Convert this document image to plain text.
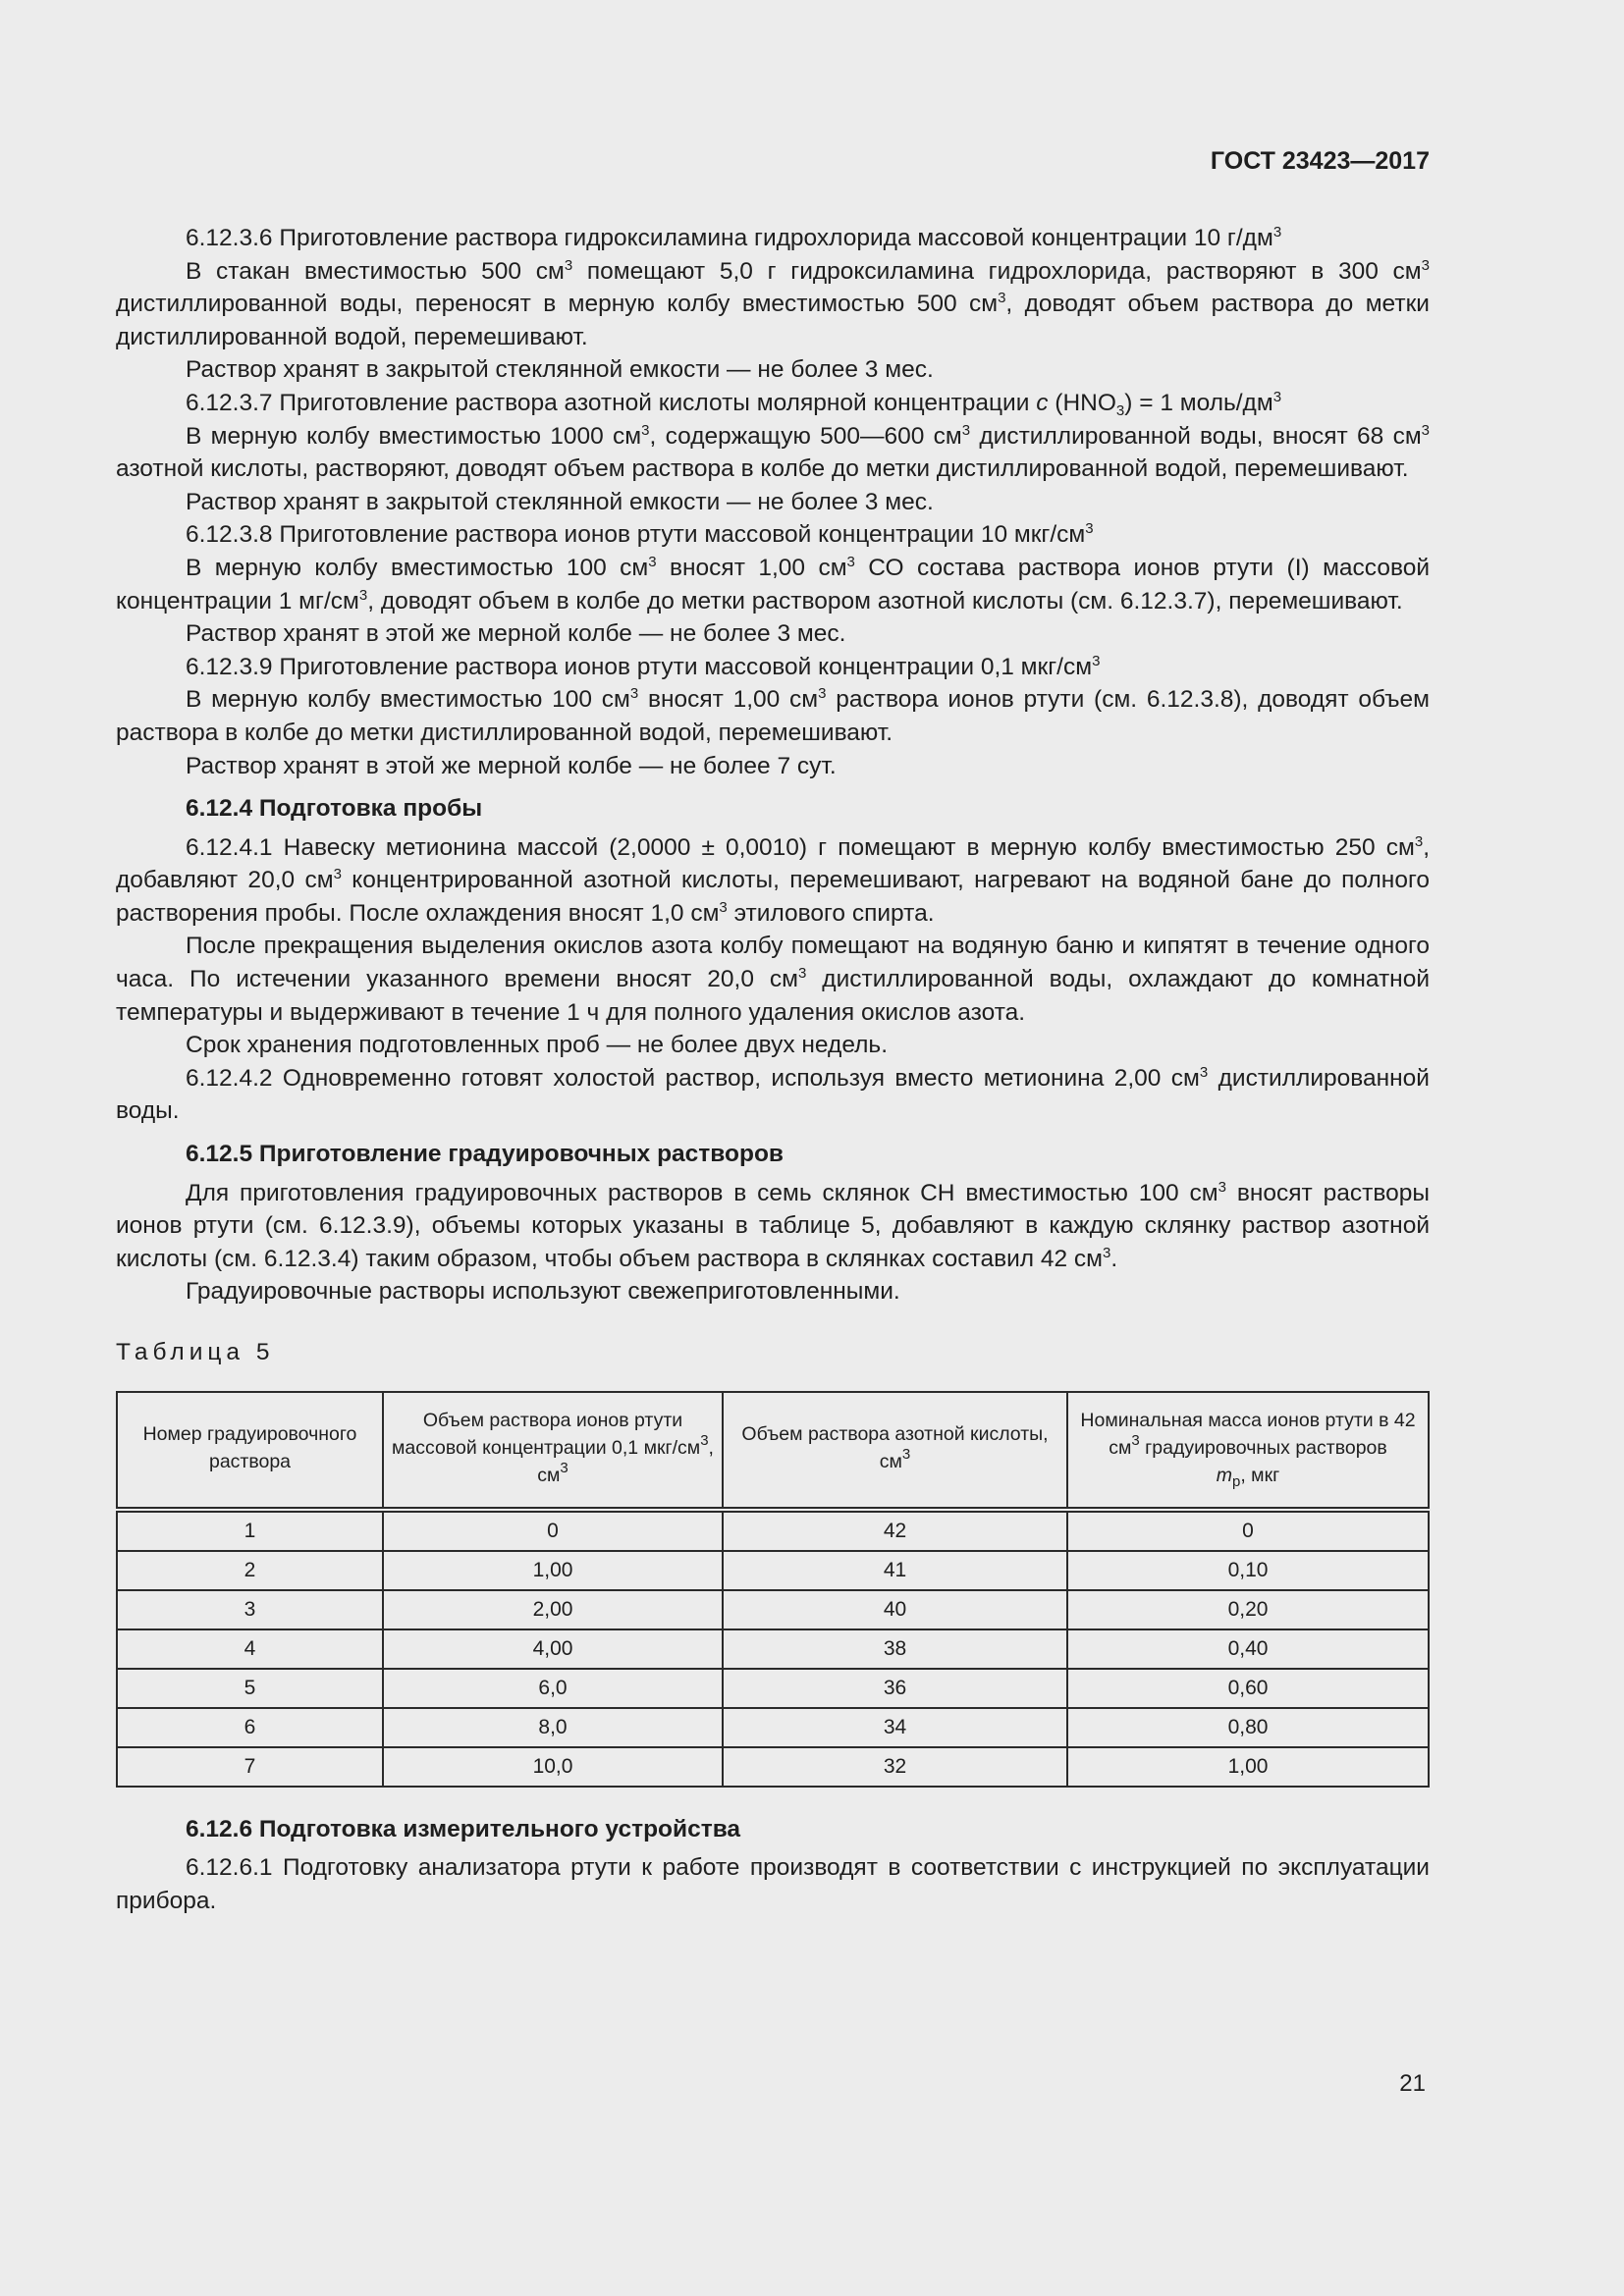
ГОСТ 23423—2017

6.12.3.6 Приготовление раствора гидроксиламина гидрохлорида массовой концентрации 10 $г/дм^3$

В стакан вместимостью 500 $см^3$ помещают 5,0 г гидроксиламина гидрохлорида, растворяют в 300 $см^3$ дистиллированной воды, переносят в мерную колбу вместимостью 500 $см^3$, доводят объем раствора до метки дистиллированной водой, перемешивают.

Раствор хранят в закрытой стеклянной емкости — не более 3 мес.

6.12.3.7 Приготовление раствора азотной кислоты молярной концентрации c $(HNO_3) = 1$ моль/$дм^3$

В мерную колбу вместимостью 1000 $см^3$, содержащую 500—600 $см^3$ дистиллированной воды, вносят 68 $см^3$ азотной кислоты, растворяют, доводят объем раствора в колбе до метки дистиллированной водой, перемешивают.

Раствор хранят в закрытой стеклянной емкости — не более 3 мес.

6.12.3.8 Приготовление раствора ионов ртути массовой концентрации 10 мкг/$см^3$

В мерную колбу вместимостью 100 $см^3$ вносят 1,00 $см^3$ СО состава раствора ионов ртути (I) массовой концентрации 1 $мг/см^3$, доводят объем в колбе до метки раствором азотной кислоты (см. 6.12.3.7), перемешивают.

Раствор хранят в этой же мерной колбе — не более 3 мес.

6.12.3.9 Приготовление раствора ионов ртути массовой концентрации 0,1 мкг/$см^3$

В мерную колбу вместимостью 100 $см^3$ вносят 1,00 $см^3$ раствора ионов ртути (см. 6.12.3.8), доводят объем раствора в колбе до метки дистиллированной водой, перемешивают.

Раствор хранят в этой же мерной колбе — не более 7 сут.

6.12.4 Подготовка пробы

6.12.4.1 Навеску метионина массой (2,0000 ± 0,0010) г помещают в мерную колбу вместимостью 250 $см^3$, добавляют 20,0 $см^3$ концентрированной азотной кислоты, перемешивают, нагревают на водяной бане до полного растворения пробы. После охлаждения вносят 1,0 $см^3$ этилового спирта.

После прекращения выделения окислов азота колбу помещают на водяную баню и кипятят в течение одного часа. По истечении указанного времени вносят 20,0 $см^3$ дистиллированной воды, охлаждают до комнатной температуры и выдерживают в течение 1 ч для полного удаления окислов азота.

Срок хранения подготовленных проб — не более двух недель.

6.12.4.2 Одновременно готовят холостой раствор, используя вместо метионина 2,00 $см^3$ дистиллированной воды.

6.12.5 Приготовление градуировочных растворов

Для приготовления градуировочных растворов в семь склянок СН вместимостью 100 $см^3$ вносят растворы ионов ртути (см. 6.12.3.9), объемы которых указаны в таблице 5, добавляют в каждую склянку раствор азотной кислоты (см. 6.12.3.4) таким образом, чтобы объем раствора в склянках составил 42 $см^3$.

Градуировочные растворы используют свежеприготовленными.

Таблица 5

Номер градуировочного раствора	Объем раствора ионов ртути массовой концентрации 0,1 мкг/$см^3$, $см^3$	Объем раствора азотной кислоты, $см^3$	Номинальная масса ионов ртути в 42 $см^3$ градуировочных растворов
$m_р$, мкг
1	0	42	0
2	1,00	41	0,10
3	2,00	40	0,20
4	4,00	38	0,40
5	6,0	36	0,60
6	8,0	34	0,80
7	10,0	32	1,00

6.12.6 Подготовка измерительного устройства

6.12.6.1 Подготовку анализатора ртути к работе производят в соответствии с инструкцией по эксплуатации прибора.

21
